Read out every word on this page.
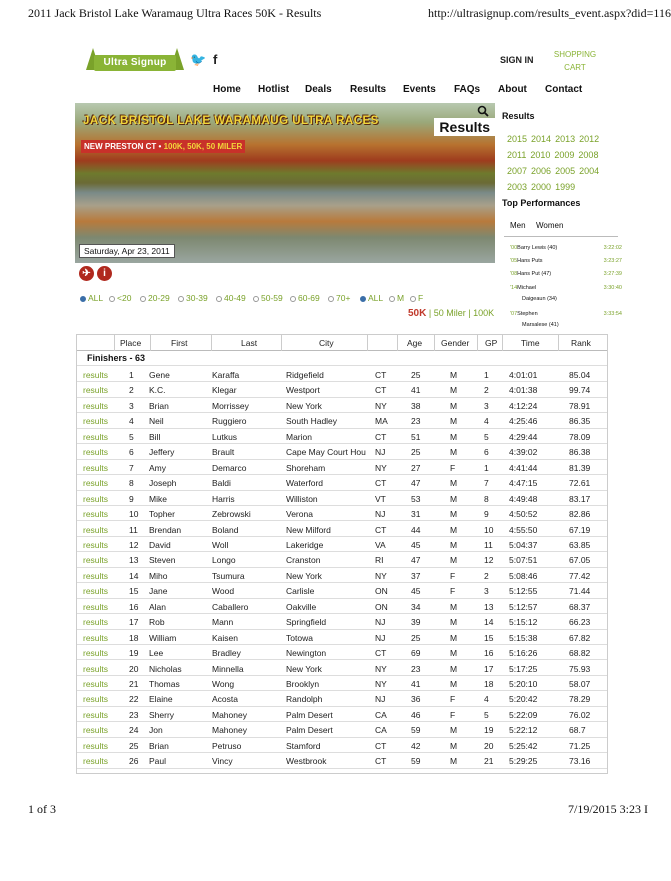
2011 Jack Bristol Lake Waramaug Ultra Races 50K - Results	http://ultrasignup.com/results_event.aspx?did=116
Ultra Signup	🐦 f	SIGN IN
SHOPPING
CART
Home Hotlist Deals Results Events FAQs About Contact
JACK BRISTOL LAKE WARAMAUG ULTRA RACES
NEW PRESTON CT • 100K, 50K, 50 MILER
Results
Saturday, Apr 23, 2011
✈	i
ALL	<20	20-29	30-39	40-49	50-59	60-69	70+	ALL	M	F
50K | 50 Miler | 100K
Results
2015 2014 2013 2012
2011 2010 2009 2008
2007 2006 2005 2004
2003 2000 1999
Top Performances
Men Women
'00Barry Lewis (40)	3:22:02
'05Hans Puts	3:23:27
'08Hans Put (47)	3:27:39
'14Michael	3:30:40
Daigeaun (34)
'07Stephen	3:33:54
Marsalese (41)
Place	First	Last	City	Age Gender GP	Time	Rank
Finishers - 63
results 1 Gene	Karaffa	Ridgefield	CT	25	M	1 4:01:01	85.04
results 2 K.C.	Klegar	Westport	CT	41	M	2 4:01:38	99.74
results 3 Brian	Morrissey	New York	NY	38	M	3 4:12:24	78.91
results 4 Neil	Ruggiero	South Hadley	MA	23	M	4 4:25:46	86.35
results 5 Bill	Lutkus	Marion	CT	51	M	5 4:29:44	78.09
results 6 Jeffery	Brault	Cape May Court Hou	NJ	25	M	6 4:39:02	86.38
results 7 Amy	Demarco	Shoreham	NY	27	F	1 4:41:44	81.39
results 8 Joseph	Baldi	Waterford	CT	47	M	7 4:47:15	72.61
results 9 Mike	Harris	Williston	VT	53	M	8 4:49:48	83.17
results 10 Topher	Zebrowski	Verona	NJ	31	M	9 4:50:52	82.86
results 11 Brendan	Boland	New Milford	CT	44	M	10 4:55:50	67.19
results 12 David	Woll	Lakeridge	VA	45	M	11 5:04:37	63.85
results 13 Steven	Longo	Cranston	RI	47	M	12 5:07:51	67.05
results 14 Miho	Tsumura	New York	NY	37	F	2 5:08:46	77.42
results 15 Jane	Wood	Carlisle	ON	45	F	3 5:12:55	71.44
results 16 Alan	Caballero	Oakville	ON	34	M	13 5:12:57	68.37
results 17 Rob	Mann	Springfield	NJ	39	M	14 5:15:12	66.23
results 18 William	Kaisen	Totowa	NJ	25	M	15 5:15:38	67.82
results 19 Lee	Bradley	Newington	CT	69	M	16 5:16:26	68.82
results 20 Nicholas	Minnella	New York	NY	23	M	17 5:17:25	75.93
results 21 Thomas	Wong	Brooklyn	NY	41	M	18 5:20:10	58.07
results 22 Elaine	Acosta	Randolph	NJ	36	F	4 5:20:42	78.29
results 23 Sherry	Mahoney	Palm Desert	CA	46	F	5 5:22:09	76.02
results 24 Jon	Mahoney	Palm Desert	CA	59	M	19 5:22:12	68.7
results 25 Brian	Petruso	Stamford	CT	42	M	20 5:25:42	71.25
results 26 Paul	Vincy	Westbrook	CT	59	M	21 5:29:25	73.16
1 of 3	7/19/2015 3:23 I
